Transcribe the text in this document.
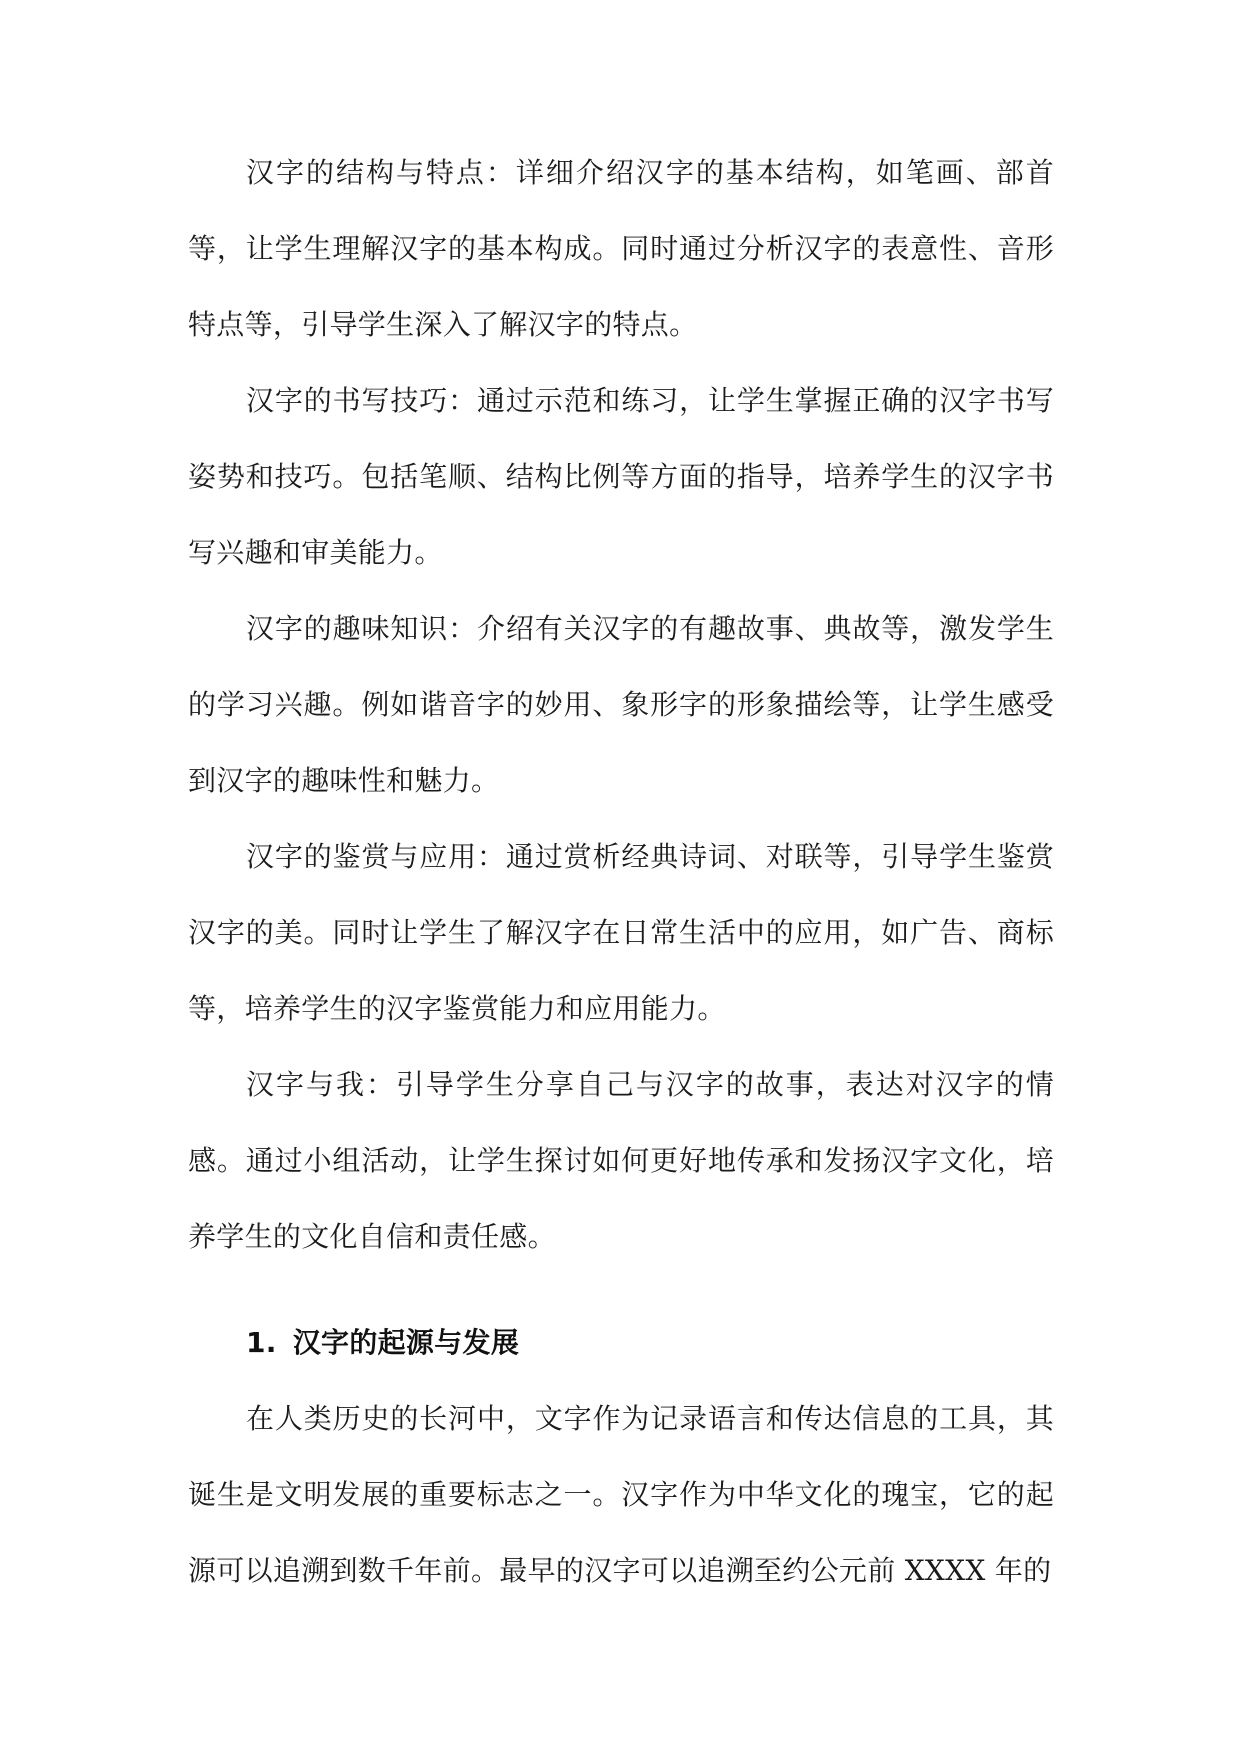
汉字的结构与特点：详细介绍汉字的基本结构，如笔画、部首等，让学生理解汉字的基本构成。同时通过分析汉字的表意性、音形特点等，引导学生深入了解汉字的特点。

汉字的书写技巧：通过示范和练习，让学生掌握正确的汉字书写姿势和技巧。包括笔顺、结构比例等方面的指导，培养学生的汉字书写兴趣和审美能力。

汉字的趣味知识：介绍有关汉字的有趣故事、典故等，激发学生的学习兴趣。例如谐音字的妙用、象形字的形象描绘等，让学生感受到汉字的趣味性和魅力。

汉字的鉴赏与应用：通过赏析经典诗词、对联等，引导学生鉴赏汉字的美。同时让学生了解汉字在日常生活中的应用，如广告、商标等，培养学生的汉字鉴赏能力和应用能力。

汉字与我：引导学生分享自己与汉字的故事，表达对汉字的情感。通过小组活动，让学生探讨如何更好地传承和发扬汉字文化，培养学生的文化自信和责任感。

1. 汉字的起源与发展

在人类历史的长河中，文字作为记录语言和传达信息的工具，其诞生是文明发展的重要标志之一。汉字作为中华文化的瑰宝，它的起源可以追溯到数千年前。最早的汉字可以追溯至约公元前 XXXX 年的
